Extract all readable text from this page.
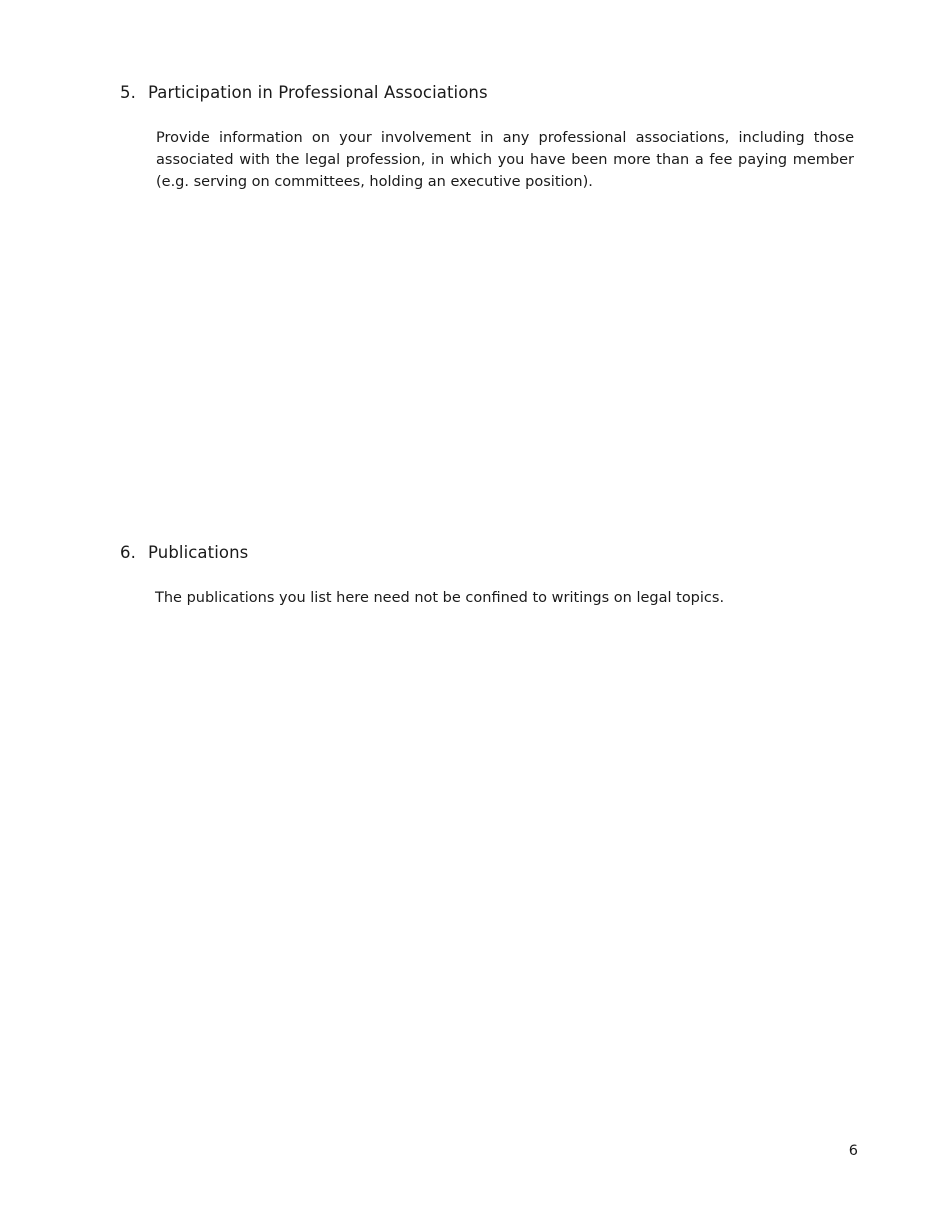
5. Participation in Professional Associations

Provide information on your involvement in any professional associations, including those associated with the legal profession, in which you have been more than a fee paying member (e.g. serving on committees, holding an executive position).

6. Publications

The publications you list here need not be confined to writings on legal topics.

6
